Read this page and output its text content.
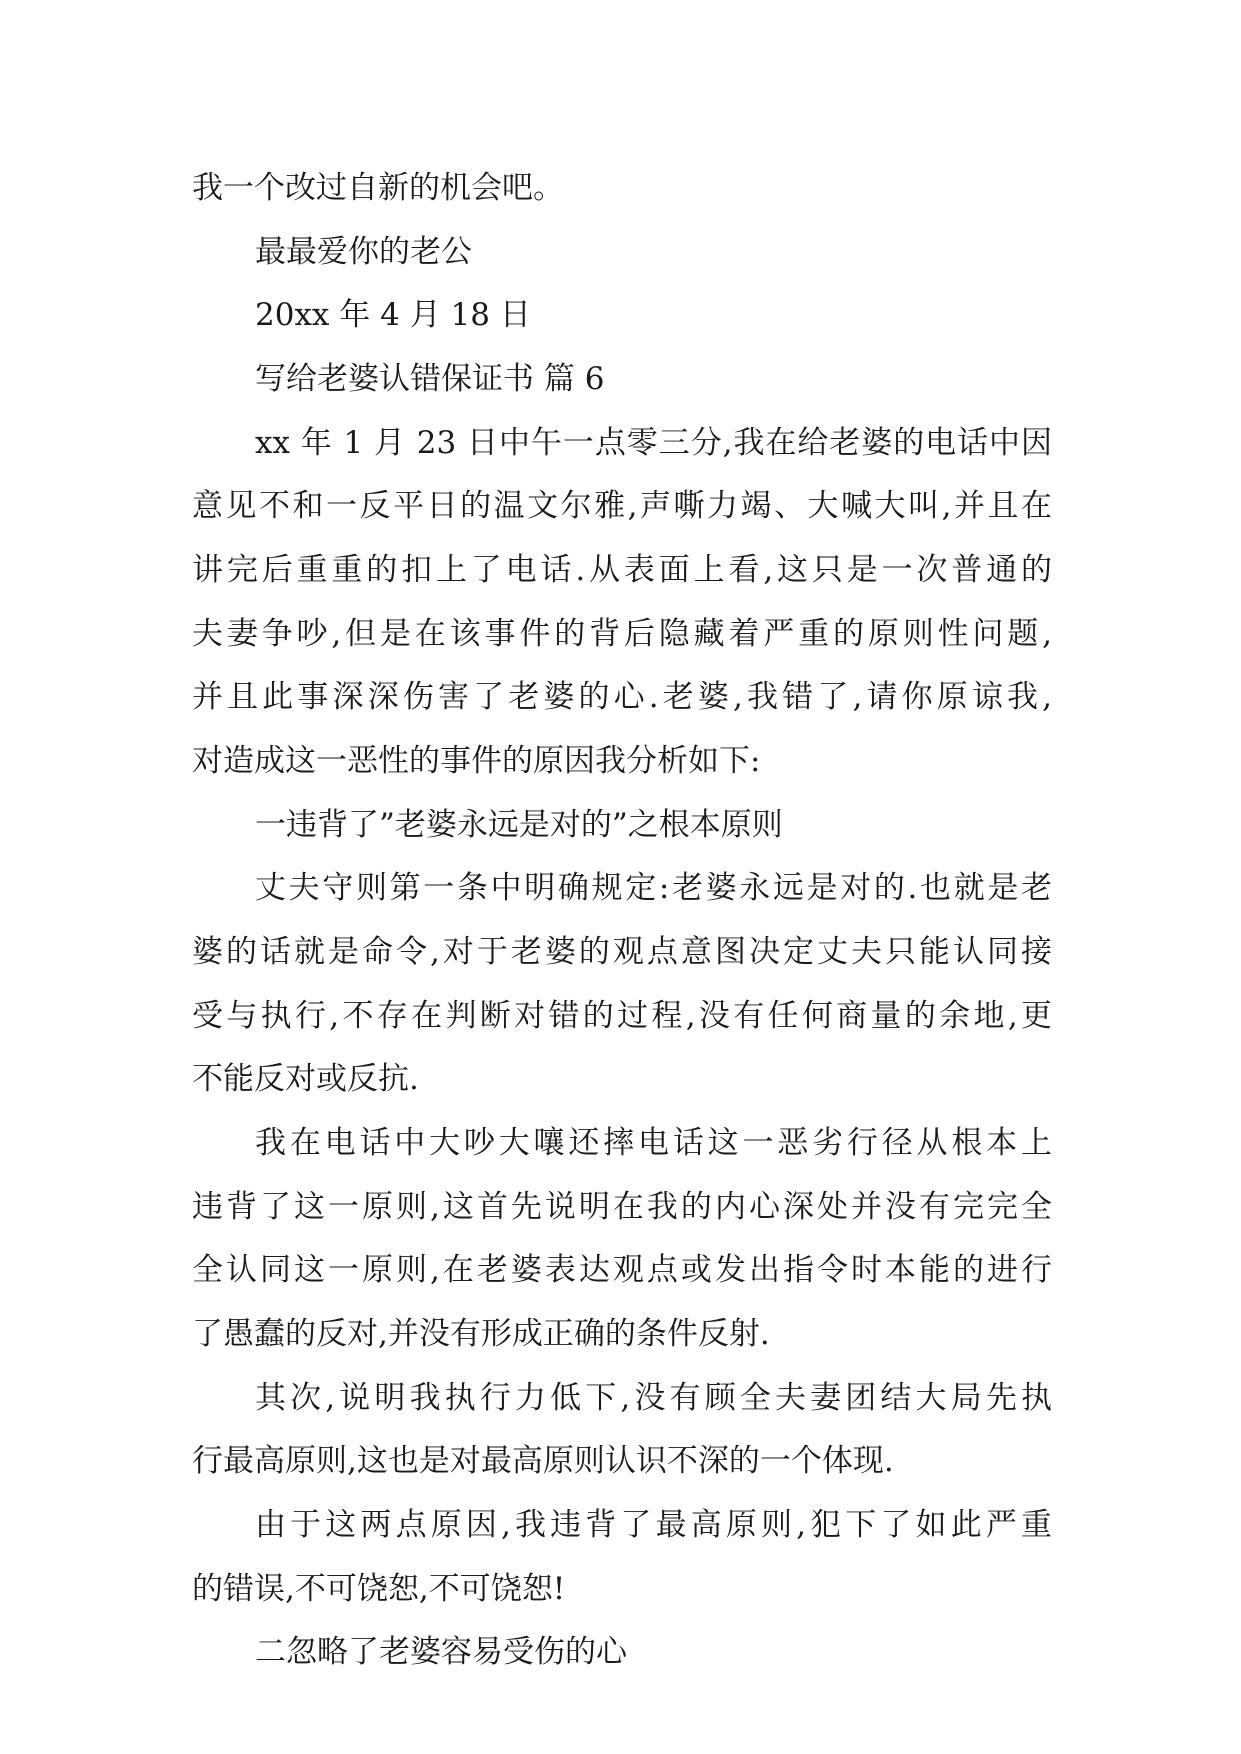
我一个改过自新的机会吧。
最最爱你的老公
20xx 年 4 月 18 日
写给老婆认错保证书 篇 6
xx 年 1 月 23 日中午一点零三分,我在给老婆的电话中因
意见不和一反平日的温文尔雅,声嘶力竭、大喊大叫,并且在
讲完后重重的扣上了电话.从表面上看,这只是一次普通的
夫妻争吵,但是在该事件的背后隐藏着严重的原则性问题,
并且此事深深伤害了老婆的心.老婆,我错了,请你原谅我,
对造成这一恶性的事件的原因我分析如下:
一违背了”老婆永远是对的”之根本原则
丈夫守则第一条中明确规定:老婆永远是对的.也就是老
婆的话就是命令,对于老婆的观点意图决定丈夫只能认同接
受与执行,不存在判断对错的过程,没有任何商量的余地,更
不能反对或反抗.
我在电话中大吵大嚷还摔电话这一恶劣行径从根本上
违背了这一原则,这首先说明在我的内心深处并没有完完全
全认同这一原则,在老婆表达观点或发出指令时本能的进行
了愚蠢的反对,并没有形成正确的条件反射.
其次,说明我执行力低下,没有顾全夫妻团结大局先执
行最高原则,这也是对最高原则认识不深的一个体现.
由于这两点原因,我违背了最高原则,犯下了如此严重
的错误,不可饶恕,不可饶恕!
二忽略了老婆容易受伤的心
